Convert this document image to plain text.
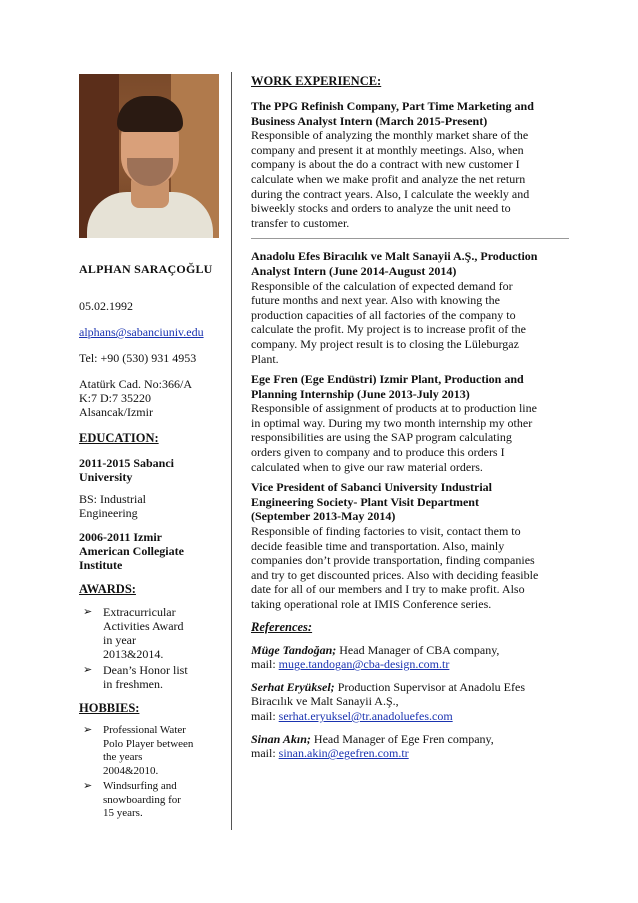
ALPHAN SARAÇOĞLU

05.02.1992

alphans@sabanciuniv.edu

Tel: +90 (530) 931 4953

Atatürk Cad. No:366/A

K:7 D:7 35220

Alsancak/Izmir

EDUCATION:

2011-2015 Sabanci

University

BS: Industrial

Engineering

2006-2011 Izmir

American Collegiate

Institute

AWARDS:

➢ Extracurricular
Activities Award
in year
2013&2014.
➢ Dean’s Honor list
in freshmen.

HOBBIES:

➢ Professional Water
Polo Player between
the years
2004&2010.
➢ Windsurfing and
snowboarding for
15 years.

WORK EXPERIENCE:

The PPG Refinish Company, Part Time Marketing and

Business Analyst Intern (March 2015-Present)

Responsible of analyzing the monthly market share of the

company and present it at monthly meetings. Also, when

company is about the do a contract with new customer I

calculate when we make profit and analyze the net return

during the contract years. Also, I calculate the weekly and

biweekly stocks and orders to analyze the unit need to

transfer to customer.

Anadolu Efes Biracılık ve Malt Sanayii A.Ş., Production

Analyst Intern (June 2014-August 2014)

Responsible of the calculation of expected demand for

future months and next year. Also with knowing the

production capacities of all factories of the company to

calculate the profit. My project is to increase profit of the

company. My project result is to closing the Lüleburgaz

Plant.

Ege Fren (Ege Endüstri) Izmir Plant, Production and

Planning Internship (June 2013-July 2013)

Responsible of assignment of products at to production line

in optimal way. During my two month internship my other

responsibilities are using the SAP program calculating

orders given to company and to produce this orders I

calculated when to give our raw material orders.

Vice President of Sabanci University Industrial

Engineering Society- Plant Visit Department

(September 2013-May 2014)

Responsible of finding factories to visit, contact them to

decide feasible time and transportation. Also, mainly

companies don’t provide transportation, finding companies

and try to get discounted prices. Also with deciding feasible

date for all of our members and I try to make profit. Also

taking operational role at IMIS Conference series.

References:

Müge Tandoğan; Head Manager of CBA company,

mail: muge.tandogan@cba-design.com.tr

Serhat Eryüksel; Production Supervisor at Anadolu Efes

Biracılık ve Malt Sanayii A.Ş.,

mail: serhat.eryuksel@tr.anadoluefes.com

Sinan Akın; Head Manager of Ege Fren company,

mail: sinan.akin@egefren.com.tr
